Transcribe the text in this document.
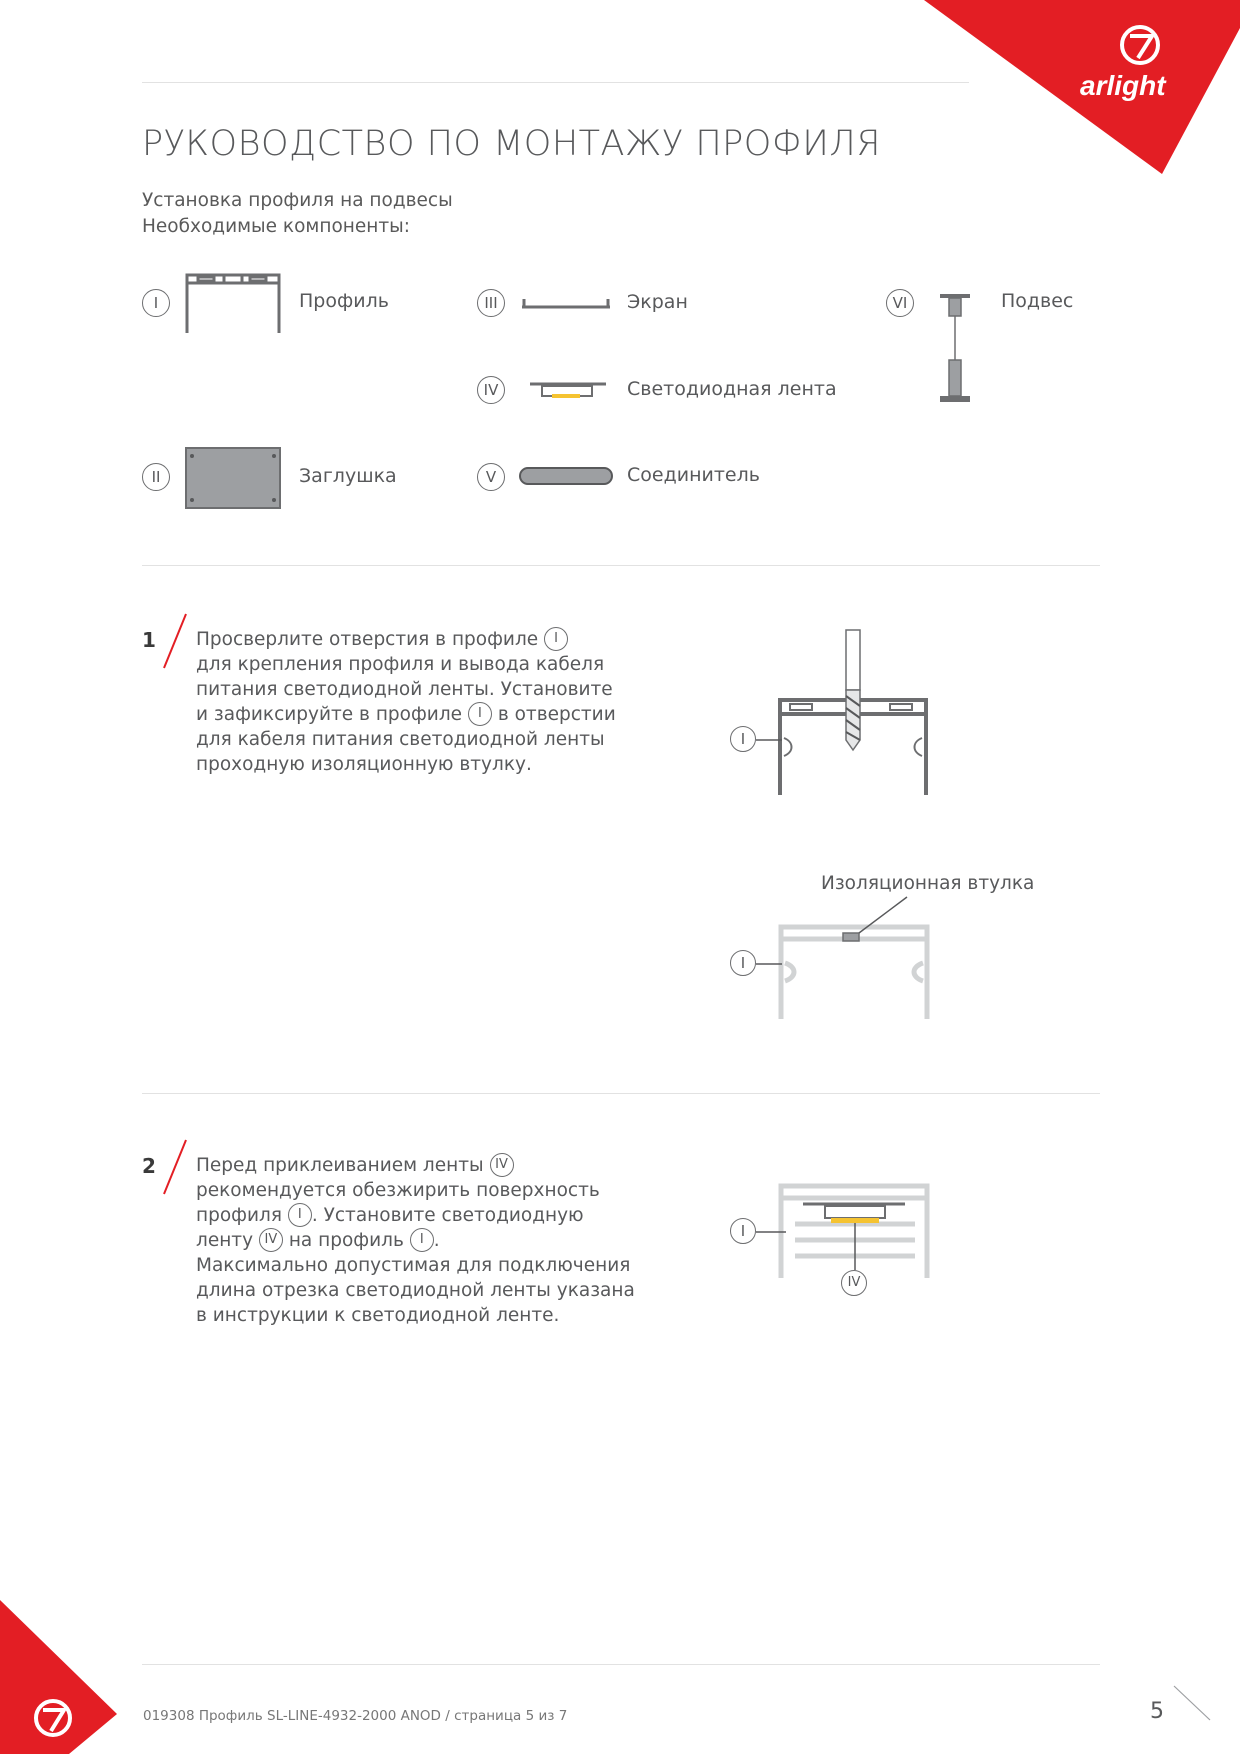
arlight
РУКОВОДСТВО ПО МОНТАЖУ ПРОФИЛЯ
Установка профиля на подвесы
Необходимые компоненты:
I	Профиль
II	Заглушка
III	Экран
IV	Светодиодная лента
V	Соединитель
VI	Подвес
1 Просверлите отверстия в профиле I
для крепления профиля и вывода кабеля
питания светодиодной ленты. Установите
и зафиксируйте в профиле I в отверстии
для кабеля питания светодиодной ленты
проходную изоляционную втулку.
I
Изоляционная втулка
I
2 Перед приклеиванием ленты IV
рекомендуется обезжирить поверхность
профиля I . Установите светодиодную
ленту IV на профиль I .
Максимально допустимая для подключения
длина отрезка светодиодной ленты указана
в инструкции к светодиодной ленте.
I
IV
019308 Профиль SL-LINE-4932-2000 ANOD / страница 5 из 7	5
